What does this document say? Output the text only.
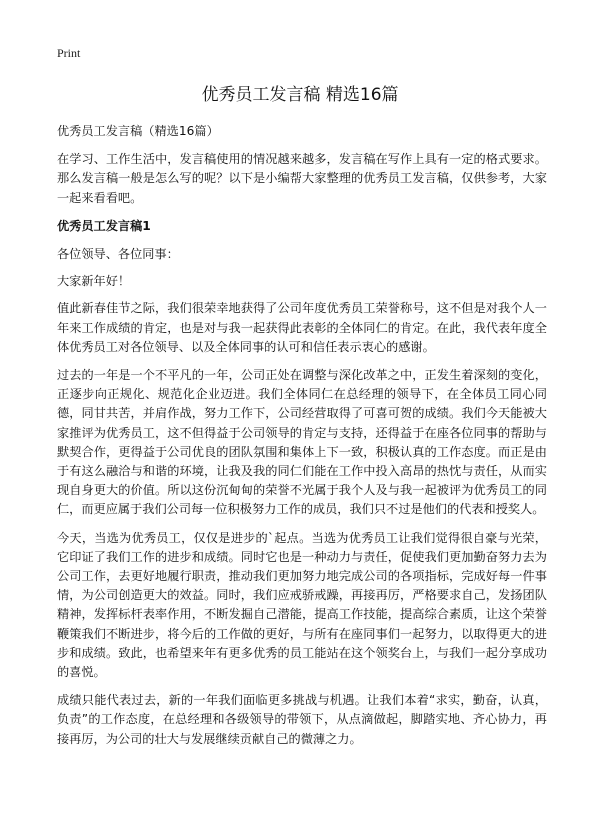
Print
优秀员工发言稿 精选16篇

优秀员工发言稿（精选16篇）

在学习、工作生活中，发言稿使用的情况越来越多，发言稿在写作上具有一定的格式要求。那么发言稿一般是怎么写的呢？以下是小编帮大家整理的优秀员工发言稿，仅供参考，大家一起来看看吧。

优秀员工发言稿1

各位领导、各位同事：

大家新年好！

值此新春佳节之际，我们很荣幸地获得了公司年度优秀员工荣誉称号，这不但是对我个人一年来工作成绩的肯定，也是对与我一起获得此表彰的全体同仁的肯定。在此，我代表年度全体优秀员工对各位领导、以及全体同事的认可和信任表示衷心的感谢。

过去的一年是一个不平凡的一年，公司正处在调整与深化改革之中，正发生着深刻的变化，正逐步向正规化、规范化企业迈进。我们全体同仁在总经理的领导下，在全体员工同心同德，同甘共苦，并肩作战，努力工作下，公司经营取得了可喜可贺的成绩。我们今天能被大家推评为优秀员工，这不但得益于公司领导的肯定与支持，还得益于在座各位同事的帮助与默契合作，更得益于公司优良的团队氛围和集体上下一致，积极认真的工作态度。而正是由于有这么融洽与和谐的环境，让我及我的同仁们能在工作中投入高昂的热忱与责任，从而实现自身更大的价值。所以这份沉甸甸的荣誉不光属于我个人及与我一起被评为优秀员工的同仁，而更应属于我们公司每一位积极努力工作的成员，我们只不过是他们的代表和授奖人。

今天，当选为优秀员工，仅仅是进步的`起点。当选为优秀员工让我们觉得很自豪与光荣，它印证了我们工作的进步和成绩。同时它也是一种动力与责任，促使我们更加勤奋努力去为公司工作，去更好地履行职责，推动我们更加努力地完成公司的各项指标，完成好每一件事情，为公司创造更大的效益。同时，我们应戒骄戒躁，再接再厉，严格要求自己，发扬团队精神，发挥标杆表率作用，不断发掘自己潜能，提高工作技能，提高综合素质，让这个荣誉鞭策我们不断进步，将今后的工作做的更好，与所有在座同事们一起努力，以取得更大的进步和成绩。致此，也希望来年有更多优秀的员工能站在这个领奖台上，与我们一起分享成功的喜悦。

成绩只能代表过去，新的一年我们面临更多挑战与机遇。让我们本着“求实，勤奋，认真，负责”的工作态度，在总经理和各级领导的带领下，从点滴做起，脚踏实地、齐心协力，再接再厉，为公司的壮大与发展继续贡献自己的微薄之力。
